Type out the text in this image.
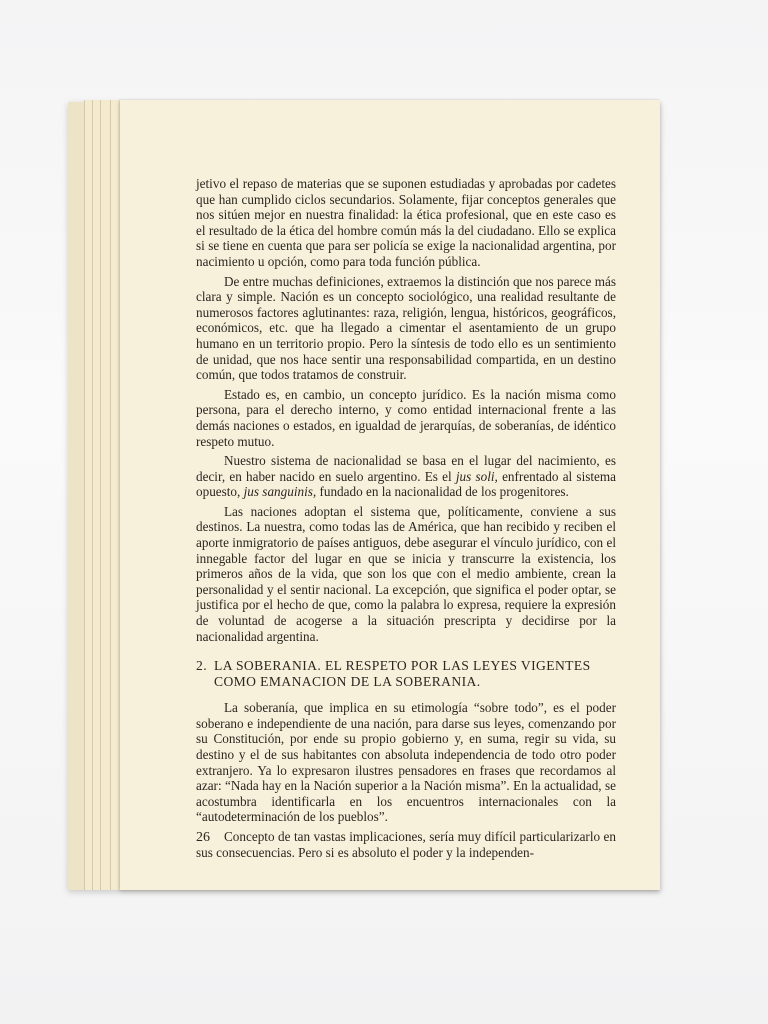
jetivo el repaso de materias que se suponen estudiadas y aprobadas por cadetes que han cumplido ciclos secundarios. Solamente, fijar conceptos generales que nos sitúen mejor en nuestra finalidad: la ética profesional, que en este caso es el resultado de la ética del hombre común más la del ciudadano. Ello se explica si se tiene en cuenta que para ser policía se exige la nacionalidad argentina, por nacimiento u opción, como para toda función pública.

De entre muchas definiciones, extraemos la distinción que nos parece más clara y simple. Nación es un concepto sociológico, una realidad resultante de numerosos factores aglutinantes: raza, religión, lengua, históricos, geográficos, económicos, etc. que ha llegado a cimentar el asentamiento de un grupo humano en un territorio propio. Pero la síntesis de todo ello es un sentimiento de unidad, que nos hace sentir una responsabilidad compartida, en un destino común, que todos tratamos de construir.

Estado es, en cambio, un concepto jurídico. Es la nación misma como persona, para el derecho interno, y como entidad internacional frente a las demás naciones o estados, en igualdad de jerarquías, de soberanías, de idéntico respeto mutuo.

Nuestro sistema de nacionalidad se basa en el lugar del nacimiento, es decir, en haber nacido en suelo argentino. Es el jus soli, enfrentado al sistema opuesto, jus sanguinis, fundado en la nacionalidad de los progenitores.

Las naciones adoptan el sistema que, políticamente, conviene a sus destinos. La nuestra, como todas las de América, que han recibido y reciben el aporte inmigratorio de países antiguos, debe asegurar el vínculo jurídico, con el innegable factor del lugar en que se inicia y transcurre la existencia, los primeros años de la vida, que son los que con el medio ambiente, crean la personalidad y el sentir nacional. La excepción, que significa el poder optar, se justifica por el hecho de que, como la palabra lo expresa, requiere la expresión de voluntad de acogerse a la situación prescripta y decidirse por la nacionalidad argentina.

2. LA SOBERANIA. EL RESPETO POR LAS LEYES VIGENTES
COMO EMANACION DE LA SOBERANIA.

La soberanía, que implica en su etimología “sobre todo”, es el poder soberano e independiente de una nación, para darse sus leyes, comenzando por su Constitución, por ende su propio gobierno y, en suma, regir su vida, su destino y el de sus habitantes con absoluta independencia de todo otro poder extranjero. Ya lo expresaron ilustres pensadores en frases que recordamos al azar: “Nada hay en la Nación superior a la Nación misma”. En la actualidad, se acostumbra identificarla en los encuentros internacionales con la “autodeterminación de los pueblos”.

Concepto de tan vastas implicaciones, sería muy difícil particularizarlo en sus consecuencias. Pero si es absoluto el poder y la independen-

26
